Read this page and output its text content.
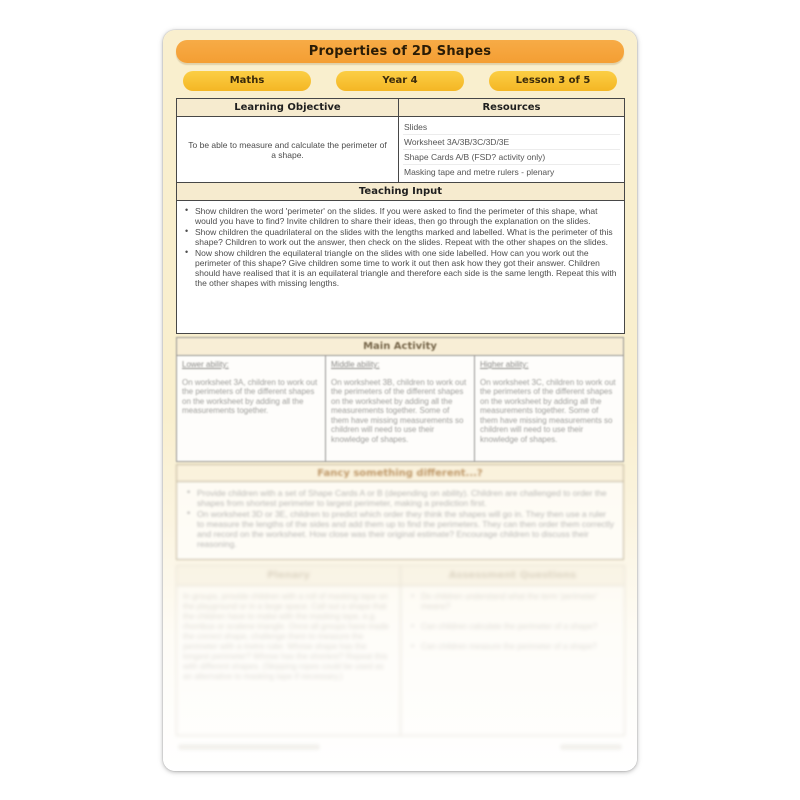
Properties of 2D Shapes
Maths	Year 4	Lesson 3 of 5
Learning Objective	Resources
To be able to measure and calculate the perimeter of a shape.	Slides
Worksheet 3A/3B/3C/3D/3E
Shape Cards A/B (FSD? activity only)
Masking tape and metre rulers - plenary

Teaching Input	

• Show children the word 'perimeter' on the slides. If you were asked to find the perimeter of this shape, what would you have to find? Invite children to share their ideas, then go through the explanation on the slides.
• Show children the quadrilateral on the slides with the lengths marked and labelled. What is the perimeter of this shape? Children to work out the answer, then check on the slides. Repeat with the other shapes on the slides.
• Now show children the equilateral triangle on the slides with one side labelled. How can you work out the perimeter of this shape? Give children some time to work it out then ask how they got their answer. Children should have realised that it is an equilateral triangle and therefore each side is the same length. Repeat this with the other shapes with missing lengths.
Main Activity

Lower ability:
On worksheet 3A, children to work out the perimeters of the different shapes on the worksheet by adding all the measurements together.

Middle ability:
On worksheet 3B, children to work out the perimeters of the different shapes on the worksheet by adding all the measurements together. Some of them have missing measurements so children will need to use their knowledge of shapes.

Higher ability:
On worksheet 3C, children to work out the perimeters of the different shapes on the worksheet by adding all the measurements together. Some of them have missing measurements so children will need to use their knowledge of shapes.
Fancy something different...?

• Provide children with a set of Shape Cards A or B (depending on ability). Children are challenged to order the shapes from shortest perimeter to largest perimeter, making a prediction first.
• On worksheet 3D or 3E, children to predict which order they think the shapes will go in. They then use a ruler to measure the lengths of the sides and add them up to find the perimeters. They can then order them correctly and record on the worksheet. How close was their original estimate? Encourage children to discuss their reasoning.
Plenary	Assessment Questions
In groups, provide children with a roll of masking tape on the playground or in a large space. Call out a shape that the children have to make with the masking tape, e.g. rhombus or scalene triangle. Once all groups have made the correct shape, challenge them to measure the perimeter with a metre ruler. Whose shape has the longest perimeter? Whose has the shortest? Repeat this with different shapes. (Skipping ropes could be used as an alternative to masking tape if necessary.)	
• Do children understand what the term 'perimeter' means?
• Can children calculate the perimeter of a shape?
• Can children measure the perimeter of a shape?
